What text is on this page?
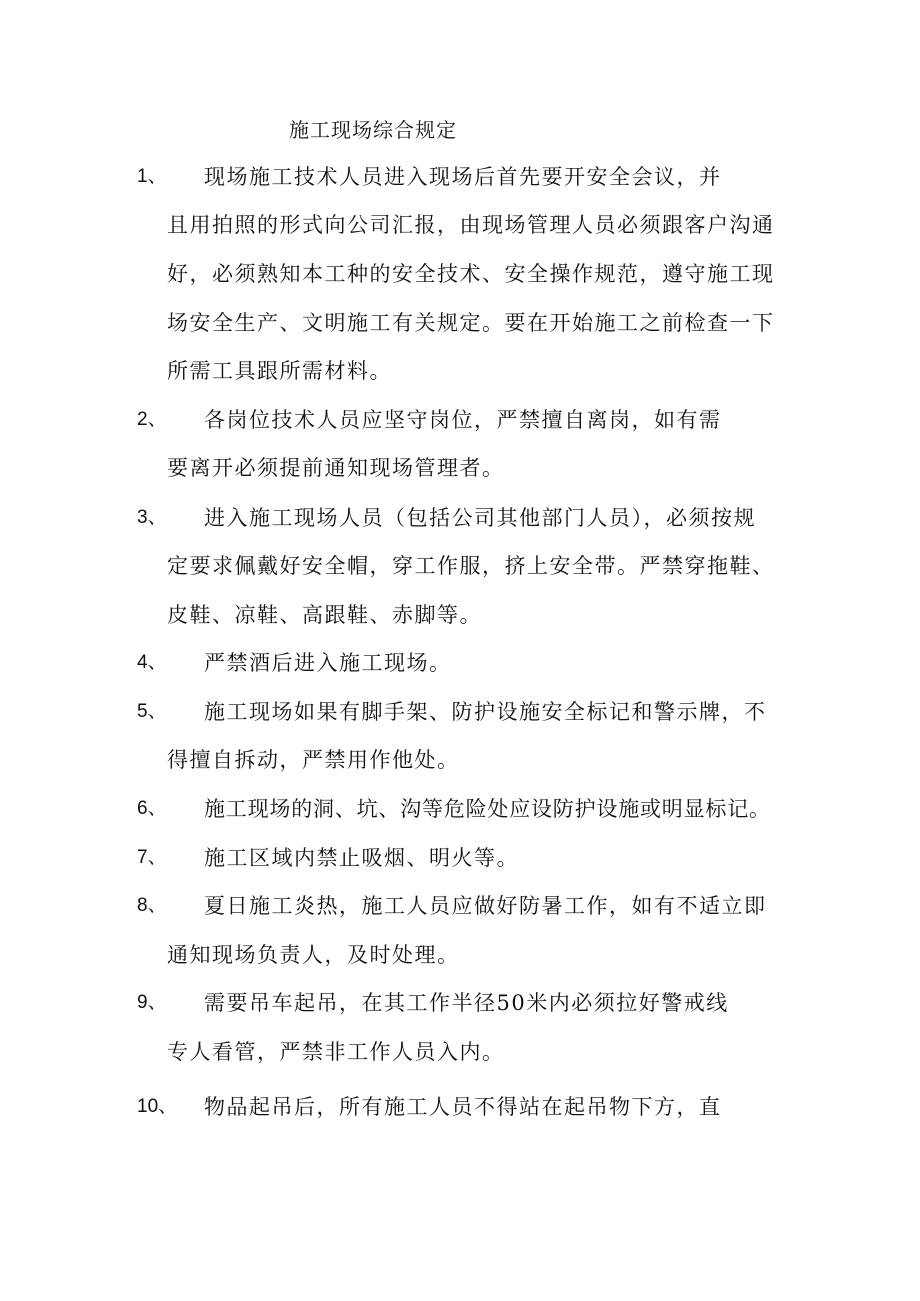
施工现场综合规定
1、 现场施工技术人员进入现场后首先要开安全会议，并
且用拍照的形式向公司汇报，由现场管理人员必须跟客户沟通
好，必须熟知本工种的安全技术、安全操作规范，遵守施工现
场安全生产、文明施工有关规定。要在开始施工之前检查一下
所需工具跟所需材料。
2、 各岗位技术人员应坚守岗位，严禁擅自离岗，如有需
要离开必须提前通知现场管理者。
3、 进入施工现场人员（包括公司其他部门人员），必须按规
定要求佩戴好安全帽，穿工作服，挤上安全带。严禁穿拖鞋、
皮鞋、凉鞋、高跟鞋、赤脚等。
4、 严禁酒后进入施工现场。
5、 施工现场如果有脚手架、防护设施安全标记和警示牌，不
得擅自拆动，严禁用作他处。
6、 施工现场的洞、坑、沟等危险处应设防护设施或明显标记。
7、 施工区域内禁止吸烟、明火等。
8、 夏日施工炎热，施工人员应做好防暑工作，如有不适立即
通知现场负责人，及时处理。
9、 需要吊车起吊，在其工作半径50米内必须拉好警戒线
专人看管，严禁非工作人员入内。
10、 物品起吊后，所有施工人员不得站在起吊物下方，直
